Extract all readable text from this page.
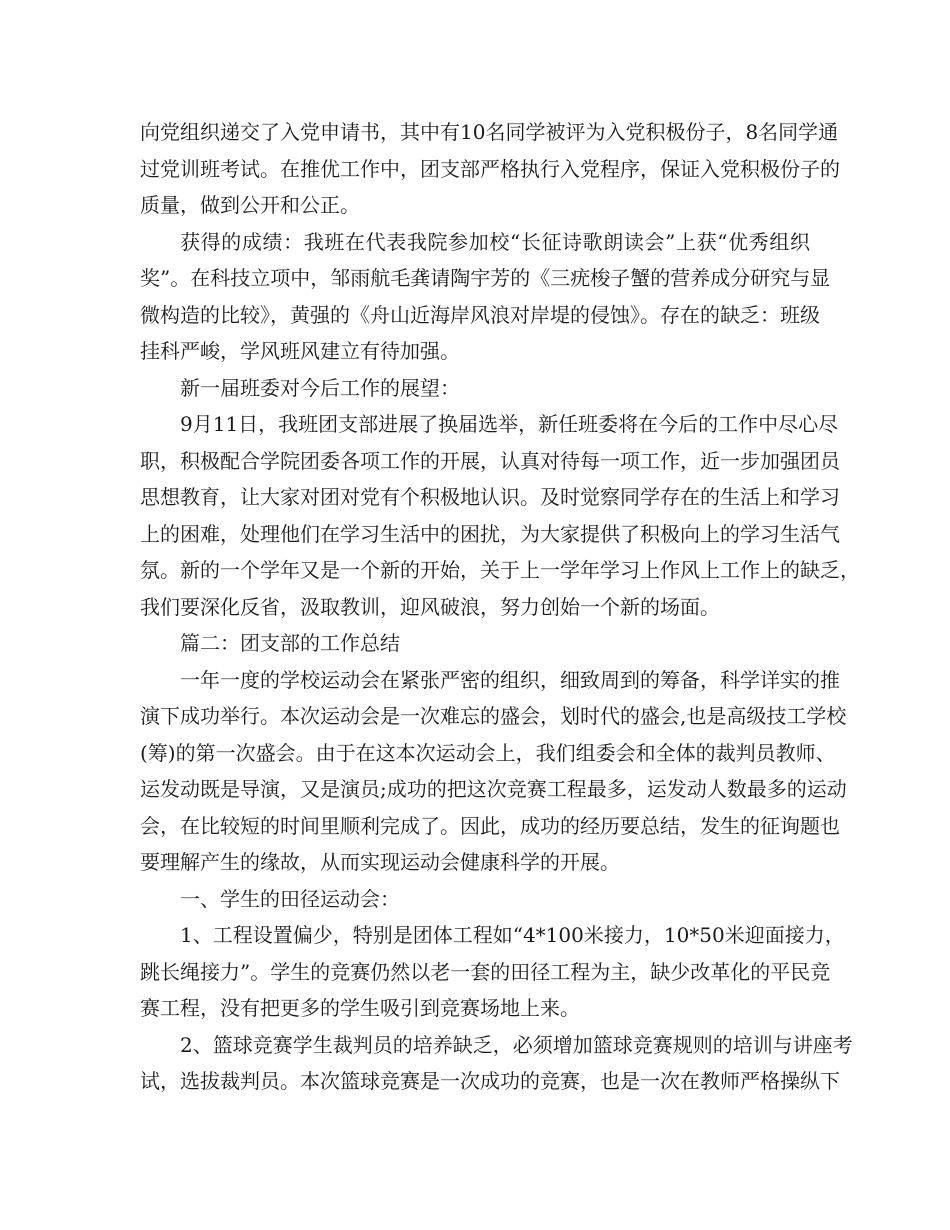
向党组织递交了入党申请书，其中有10名同学被评为入党积极份子，8名同学通
过党训班考试。在推优工作中，团支部严格执行入党程序，保证入党积极份子的
质量，做到公开和公正。
获得的成绩：我班在代表我院参加校“长征诗歌朗读会”上获“优秀组织
奖”。在科技立项中，邹雨航毛龚请陶宇芳的《三疣梭子蟹的营养成分研究与显
微构造的比较》，黄强的《舟山近海岸风浪对岸堤的侵蚀》。存在的缺乏：班级
挂科严峻，学风班风建立有待加强。
新一届班委对今后工作的展望：
9月11日，我班团支部进展了换届选举，新任班委将在今后的工作中尽心尽
职，积极配合学院团委各项工作的开展，认真对待每一项工作，近一步加强团员
思想教育，让大家对团对党有个积极地认识。及时觉察同学存在的生活上和学习
上的困难，处理他们在学习生活中的困扰，为大家提供了积极向上的学习生活气
氛。新的一个学年又是一个新的开始，关于上一学年学习上作风上工作上的缺乏，
我们要深化反省，汲取教训，迎风破浪，努力创始一个新的场面。
篇二：团支部的工作总结
一年一度的学校运动会在紧张严密的组织，细致周到的筹备，科学详实的推
演下成功举行。本次运动会是一次难忘的盛会，划时代的盛会,也是高级技工学校
(筹)的第一次盛会。由于在这本次运动会上，我们组委会和全体的裁判员教师、
运发动既是导演，又是演员;成功的把这次竞赛工程最多，运发动人数最多的运动
会，在比较短的时间里顺利完成了。因此，成功的经历要总结，发生的征询题也
要理解产生的缘故，从而实现运动会健康科学的开展。
一、学生的田径运动会：
1、工程设置偏少，特别是团体工程如“4*100米接力，10*50米迎面接力，
跳长绳接力”。学生的竞赛仍然以老一套的田径工程为主，缺少改革化的平民竞
赛工程，没有把更多的学生吸引到竞赛场地上来。
2、篮球竞赛学生裁判员的培养缺乏，必须增加篮球竞赛规则的培训与讲座考
试，选拔裁判员。本次篮球竞赛是一次成功的竞赛，也是一次在教师严格操纵下
